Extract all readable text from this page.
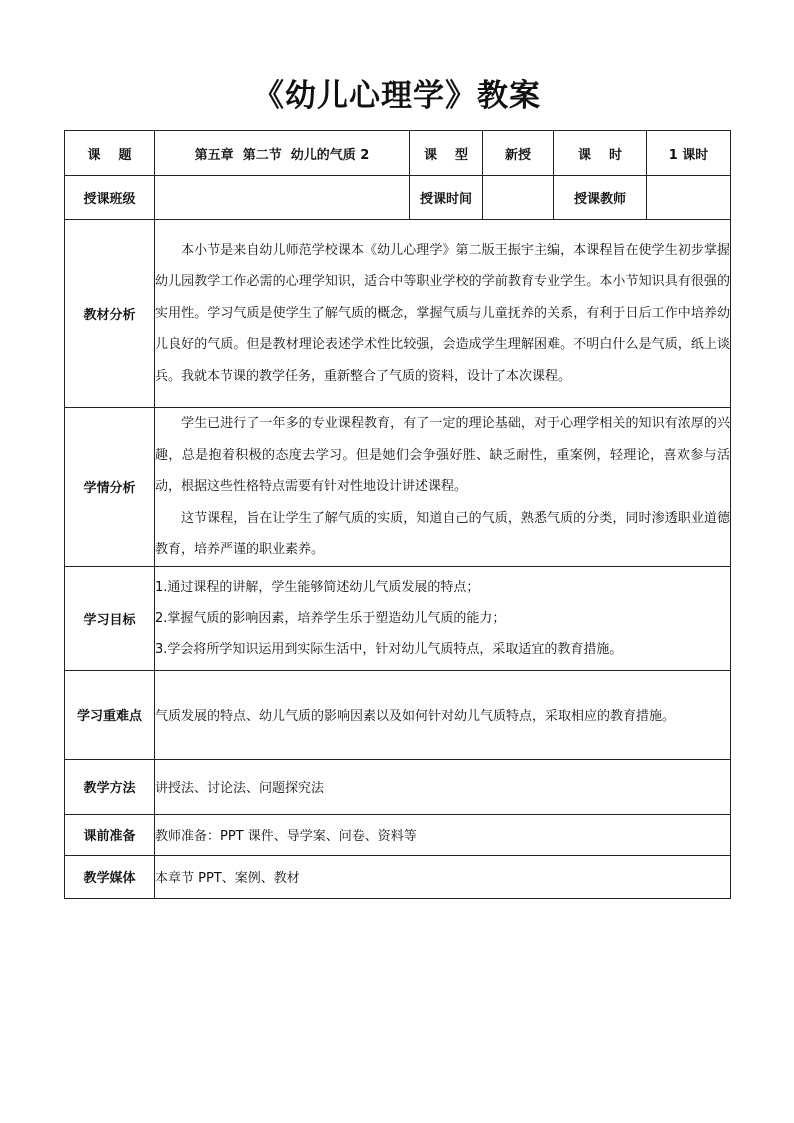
《幼儿心理学》教案
课    题	第五章  第二节  幼儿的气质 2	课    型	新授	课    时	1 课时
授课班级		授课时间		授课教师	
教材分析	本小节是来自幼儿师范学校课本《幼儿心理学》第二版王振宇主编，本课程旨在使学生初步掌握幼儿园教学工作必需的心理学知识，适合中等职业学校的学前教育专业学生。本小节知识具有很强的实用性。学习气质是使学生了解气质的概念，掌握气质与儿童抚养的关系，有利于日后工作中培养幼儿良好的气质。但是教材理论表述学术性比较强，会造成学生理解困难。不明白什么是气质，纸上谈兵。我就本节课的教学任务，重新整合了气质的资料，设计了本次课程。				

学情分析	学生已进行了一年多的专业课程教育，有了一定的理论基础，对于心理学相关的知识有浓厚的兴趣，总是抱着积极的态度去学习。但是她们会争强好胜、缺乏耐性，重案例，轻理论，喜欢参与活动，根据这些性格特点需要有针对性地设计讲述课程。

这节课程，旨在让学生了解气质的实质，知道自己的气质，熟悉气质的分类，同时渗透职业道德教育，培养严谨的职业素养。				

学习目标	1.通过课程的讲解，学生能够简述幼儿气质发展的特点；
2.掌握气质的影响因素，培养学生乐于塑造幼儿气质的能力；
3.学会将所学知识运用到实际生活中，针对幼儿气质特点，采取适宜的教育措施。				

学习重难点	气质发展的特点、幼儿气质的影响因素以及如何针对幼儿气质特点，采取相应的教育措施。				
教学方法	讲授法、讨论法、问题探究法				
课前准备	教师准备：PPT 课件、导学案、问卷、资料等				
教学媒体	本章节 PPT、案例、教材				
